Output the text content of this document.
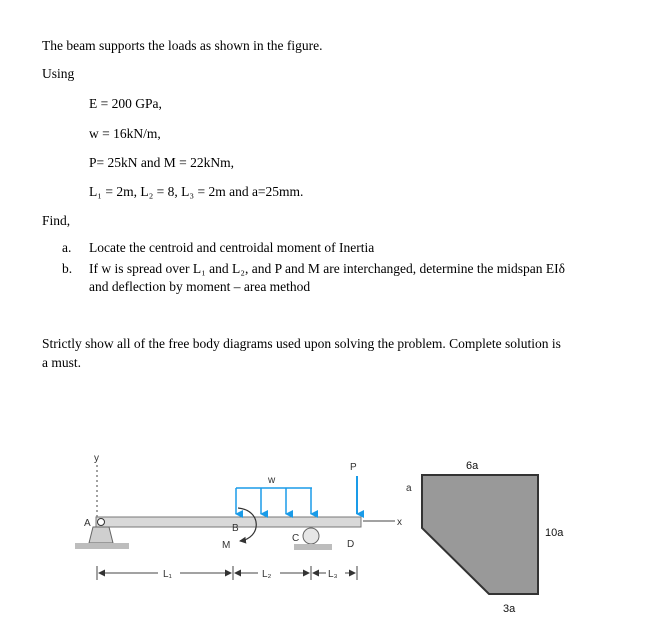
The beam supports the loads as shown in the figure.
Using
E = 200 GPa,
w = 16kN/m,
P= 25kN and M = 22kNm,
L₁ = 2m, L₂ = 8, L₃ = 2m and a=25mm.
Find,
a. Locate the centroid and centroidal moment of Inertia
b. If w is spread over L₁ and L₂, and P and M are interchanged, determine the midspan EIδ
and deflection by moment – area method
Strictly show all of the free body diagrams used upon solving the problem. Complete solution is
a must.
y
A
C
D
w
P
B
M
x
a
L₁	L₂	L₃
6a
10a
3a
